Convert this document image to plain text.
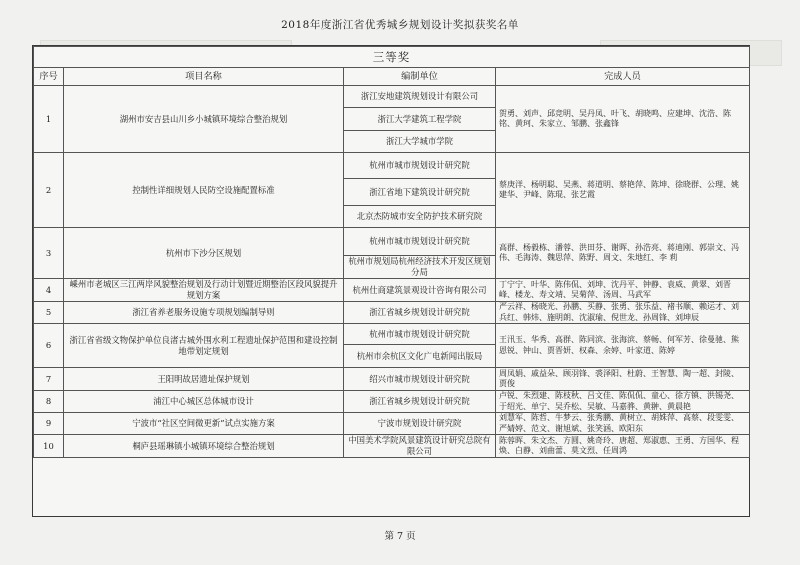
2018年度浙江省优秀城乡规划设计奖拟获奖名单
三等奖			
序号	项目名称	编制单位	完成人员
1	湖州市安吉县山川乡小城镇环境综合整治规划	浙江安地建筑规划设计有限公司	贺勇、刘声、邱竞明、吴丹凤、叶飞、胡晓鸣、应建坤、沈浩、陈铭、黄珂、朱家立、邹鹏、张鑫锋
		浙江大学建筑工程学院	
		浙江大学城市学院	
2	控制性详细规划人民防空设施配置标准	杭州市城市规划设计研究院	蔡庚洋、杨明聪、吴燕、蒋道明、蔡艳萍、陈坤、徐晓群、公理、姚建华、尹峰、陈琨、张艺霞
		浙江省地下建筑设计研究院	
		北京杰防城市安全防护技术研究院	
3	杭州市下沙分区规划	杭州市城市规划设计研究院	高群、杨毅栋、潘蓉、洪田芬、谢晖、孙浩亮、蒋迪刚、郭崇文、冯伟、毛海涛、魏思萍、陈野、周文、朱地红、李 莉
		杭州市规划局杭州经济技术开发区规划分局	
4	嵊州市老城区三江两岸风貌整治规划及行动计划暨近期整治区段风貌提升规划方案	杭州仕商建筑景观设计咨询有限公司	丁宁宁、叶华、陈伟侃、刘坤、沈丹平、钟静、袁威、黄翠、刘晋峰、楼龙、寿文靖、吴菊萍、汤周、马武军
5	浙江省养老服务设施专项规划编制导则	浙江省城乡规划设计研究院	严云祥、杨晓光、孙鹏、买静、张勇、张乐益、褚书顺、赖运才、刘兵红、韩炜、施明朗、沈淑瑜、倪世龙、孙周锋、刘坤辰
6	浙江省省级文物保护单位良渚古城外围水利工程遗址保护范围和建设控制地带划定规划	杭州市城市规划设计研究院	王汛玉、华秀、高群、陈同滨、张海滨、蔡畅、何军芳、徐曼驰、熊恩锐、钟山、贾晋妍、权森、余婷、叶家道、陈婷
		杭州市余杭区文化广电新闻出版局	
7	王阳明故居遗址保护规划	绍兴市城市规划设计研究院	周凤娟、戚益朵、顾羽锋、裘泽阳、杜蔚、王智慧、陶一超、封陵、贾俊
8	浦江中心城区总体城市设计	浙江省城乡规划设计研究院	卢锐、朱烈建、陈枝秋、吕文佳、陈侃侃、童心、徐方镇、洪锡尧、于绍光、单宁、吴乔松、吴敏、马嘉骅、黄翀、黄晨艳
9	宁波市“社区空间微更新”试点实施方案	宁波市规划设计研究院	刘慧军、陈哲、牛梦云、张秀鹏、黄树立、胡姝萍、高蔡、段雯雯、严婧婷、范文、谢旭斌、张笑涵、欧阳东
10	桐庐县瑶琳镇小城镇环境综合整治规划	中国美术学院风景建筑设计研究总院有限公司	陈蓉晖、朱文杰、方圆、姚奇玲、唐超、郑淑惠、王勇、方国华、程焕、白静、刘曲蕾、莫文烈、任周鸿
第 7 页
